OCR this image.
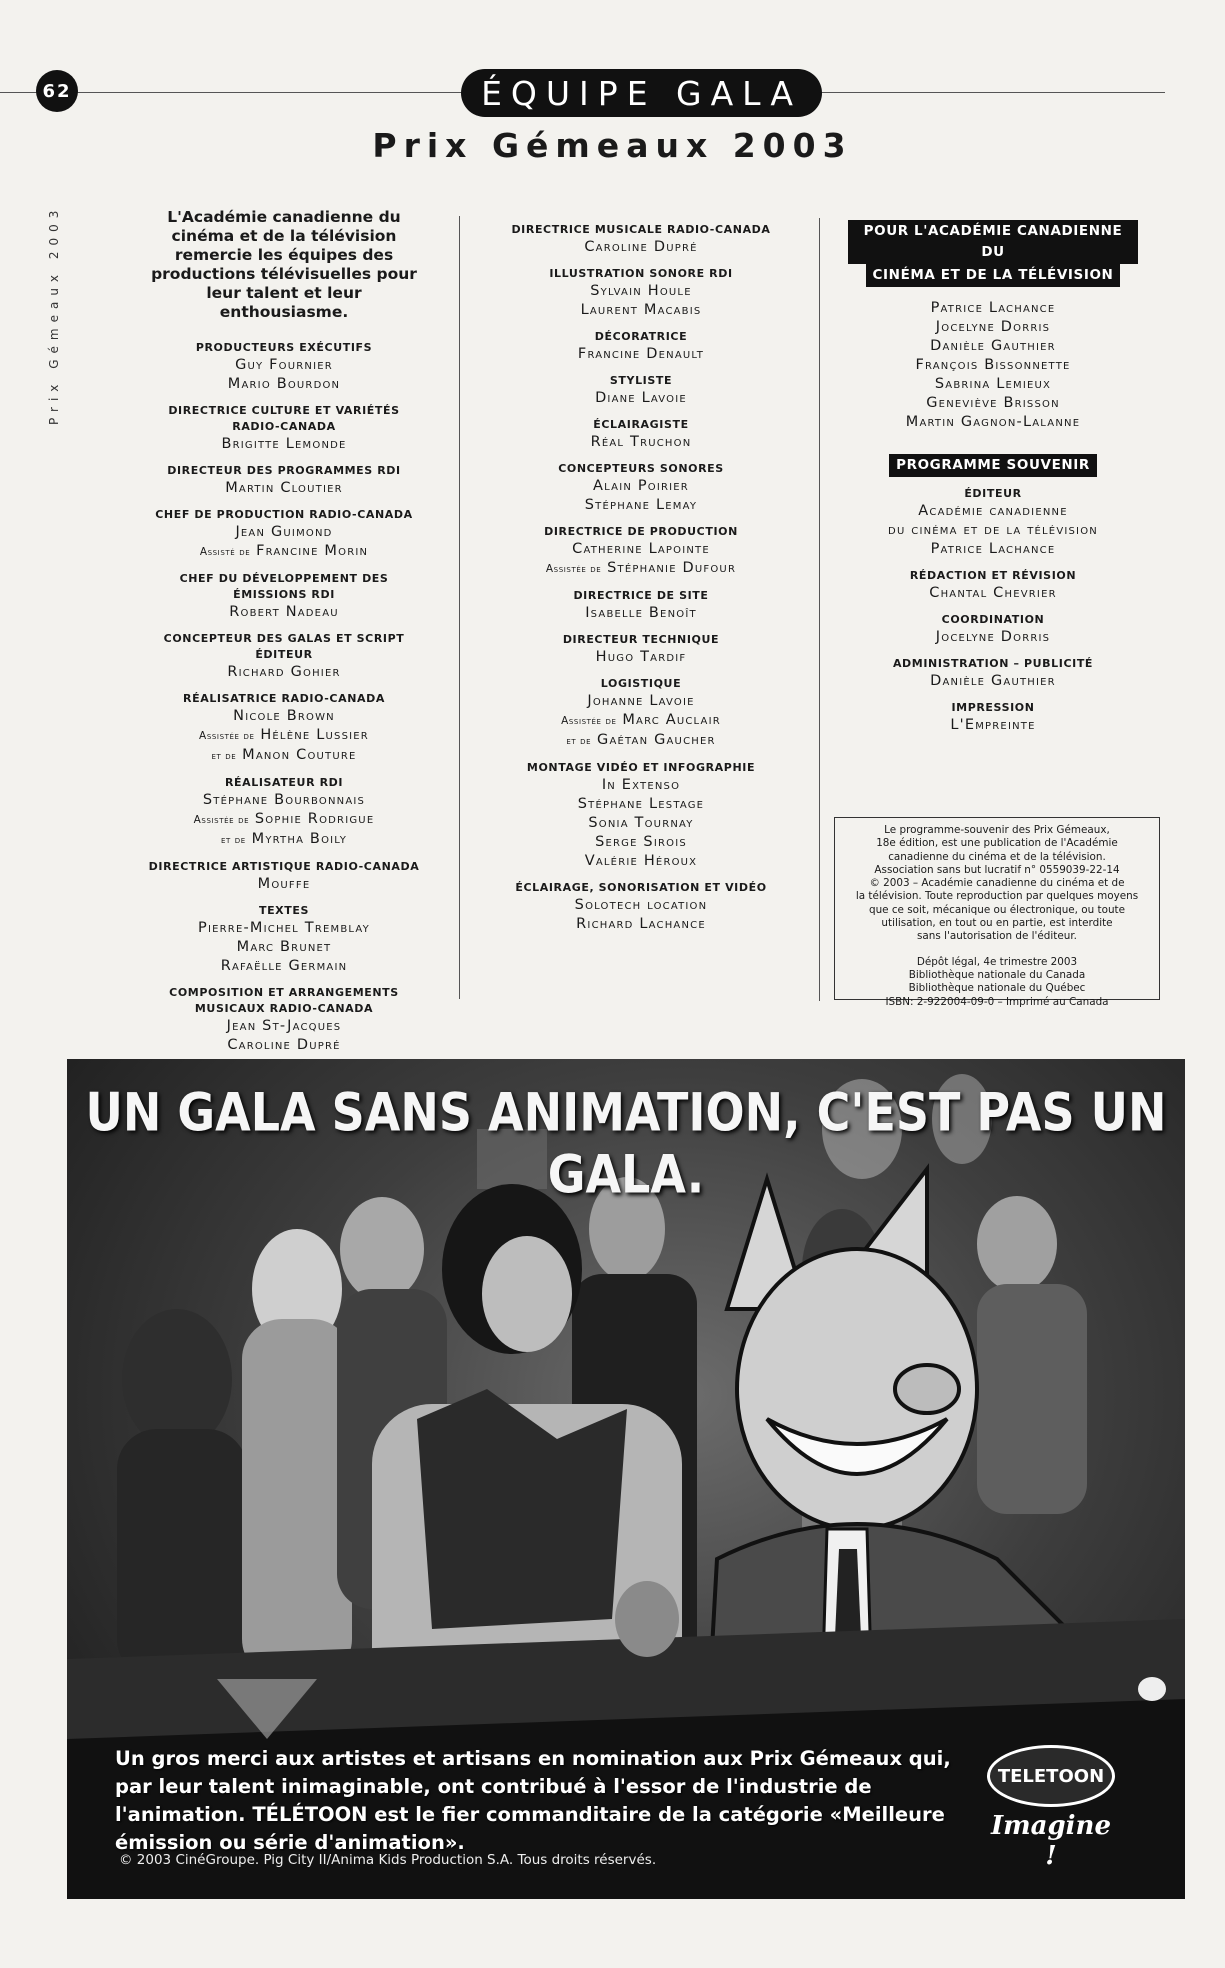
62	ÉQUIPE GALA
Prix Gémeaux 2003
Prix Gémeaux 2003	L'Académie canadienne du cinéma et de la télévision remercie les équipes des productions télévisuelles pour leur talent et leur enthousiasme.
PRODUCTEURS EXÉCUTIFS
Guy Fournier
Mario Bourdon
DIRECTRICE CULTURE ET VARIÉTÉS RADIO-CANADA
Brigitte Lemonde
DIRECTEUR DES PROGRAMMES RDI
Martin Cloutier
CHEF DE PRODUCTION RADIO-CANADA
Jean Guimond
Assisté de Francine Morin
CHEF DU DÉVELOPPEMENT DES ÉMISSIONS RDI
Robert Nadeau
CONCEPTEUR DES GALAS ET SCRIPT ÉDITEUR
Richard Gohier
RÉALISATRICE RADIO-CANADA
Nicole Brown
Assistée de Hélène Lussier
et de Manon Couture
RÉALISATEUR RDI
Stéphane Bourbonnais
Assistée de Sophie Rodrigue
et de Myrtha Boily
DIRECTRICE ARTISTIQUE RADIO-CANADA
Mouffe
TEXTES
Pierre-Michel Tremblay
Marc Brunet
Rafaëlle Germain
COMPOSITION ET ARRANGEMENTS MUSICAUX RADIO-CANADA
Jean St-Jacques
Caroline Dupré
DIRECTRICE MUSICALE RADIO-CANADA
Caroline Dupré
ILLUSTRATION SONORE RDI
Sylvain Houle
Laurent Macabis
DÉCORATRICE
Francine Denault
STYLISTE
Diane Lavoie
ÉCLAIRAGISTE
Réal Truchon
CONCEPTEURS SONORES
Alain Poirier
Stéphane Lemay
DIRECTRICE DE PRODUCTION
Catherine Lapointe
Assistée de Stéphanie Dufour
DIRECTRICE DE SITE
Isabelle Benoît
DIRECTEUR TECHNIQUE
Hugo Tardif
LOGISTIQUE
Johanne Lavoie
Assistée de Marc Auclair
et de Gaétan Gaucher
MONTAGE VIDÉO ET INFOGRAPHIE
In Extenso
Stéphane Lestage
Sonia Tournay
Serge Sirois
Valérie Héroux
ÉCLAIRAGE, SONORISATION ET VIDÉO
Solotech location
Richard Lachance
POUR L'ACADÉMIE CANADIENNE DU
CINÉMA ET DE LA TÉLÉVISION
Patrice Lachance
Jocelyne Dorris
Danièle Gauthier
François Bissonnette
Sabrina Lemieux
Geneviève Brisson
Martin Gagnon-Lalanne
PROGRAMME SOUVENIR
ÉDITEUR
Académie canadienne
du cinéma et de la télévision
Patrice Lachance
RÉDACTION ET RÉVISION
Chantal Chevrier
COORDINATION
Jocelyne Dorris
ADMINISTRATION – PUBLICITÉ
Danièle Gauthier
IMPRESSION
L'Empreinte

Le programme-souvenir des Prix Gémeaux,

18e édition, est une publication de l'Académie

canadienne du cinéma et de la télévision.

Association sans but lucratif n° 0559039-22-14

© 2003 – Académie canadienne du cinéma et de

la télévision. Toute reproduction par quelques moyens

que ce soit, mécanique ou électronique, ou toute

utilisation, en tout ou en partie, est interdite

sans l'autorisation de l'éditeur.

Dépôt légal, 4e trimestre 2003

Bibliothèque nationale du Canada

Bibliothèque nationale du Québec

ISBN: 2-922004-09-0 – Imprimé au Canada

UN GALA SANS ANIMATION, C'EST PAS UN GALA.
Un gros merci aux artistes et artisans en nomination aux Prix Gémeaux qui, par leur talent inimaginable, ont contribué à l'essor de l'industrie de l'animation. TÉLÉTOON est le fier commanditaire de la catégorie «Meilleure émission ou série d'animation».
© 2003 CinéGroupe. Pig City II/Anima Kids Production S.A. Tous droits réservés.
TELETOON
Imagine !
